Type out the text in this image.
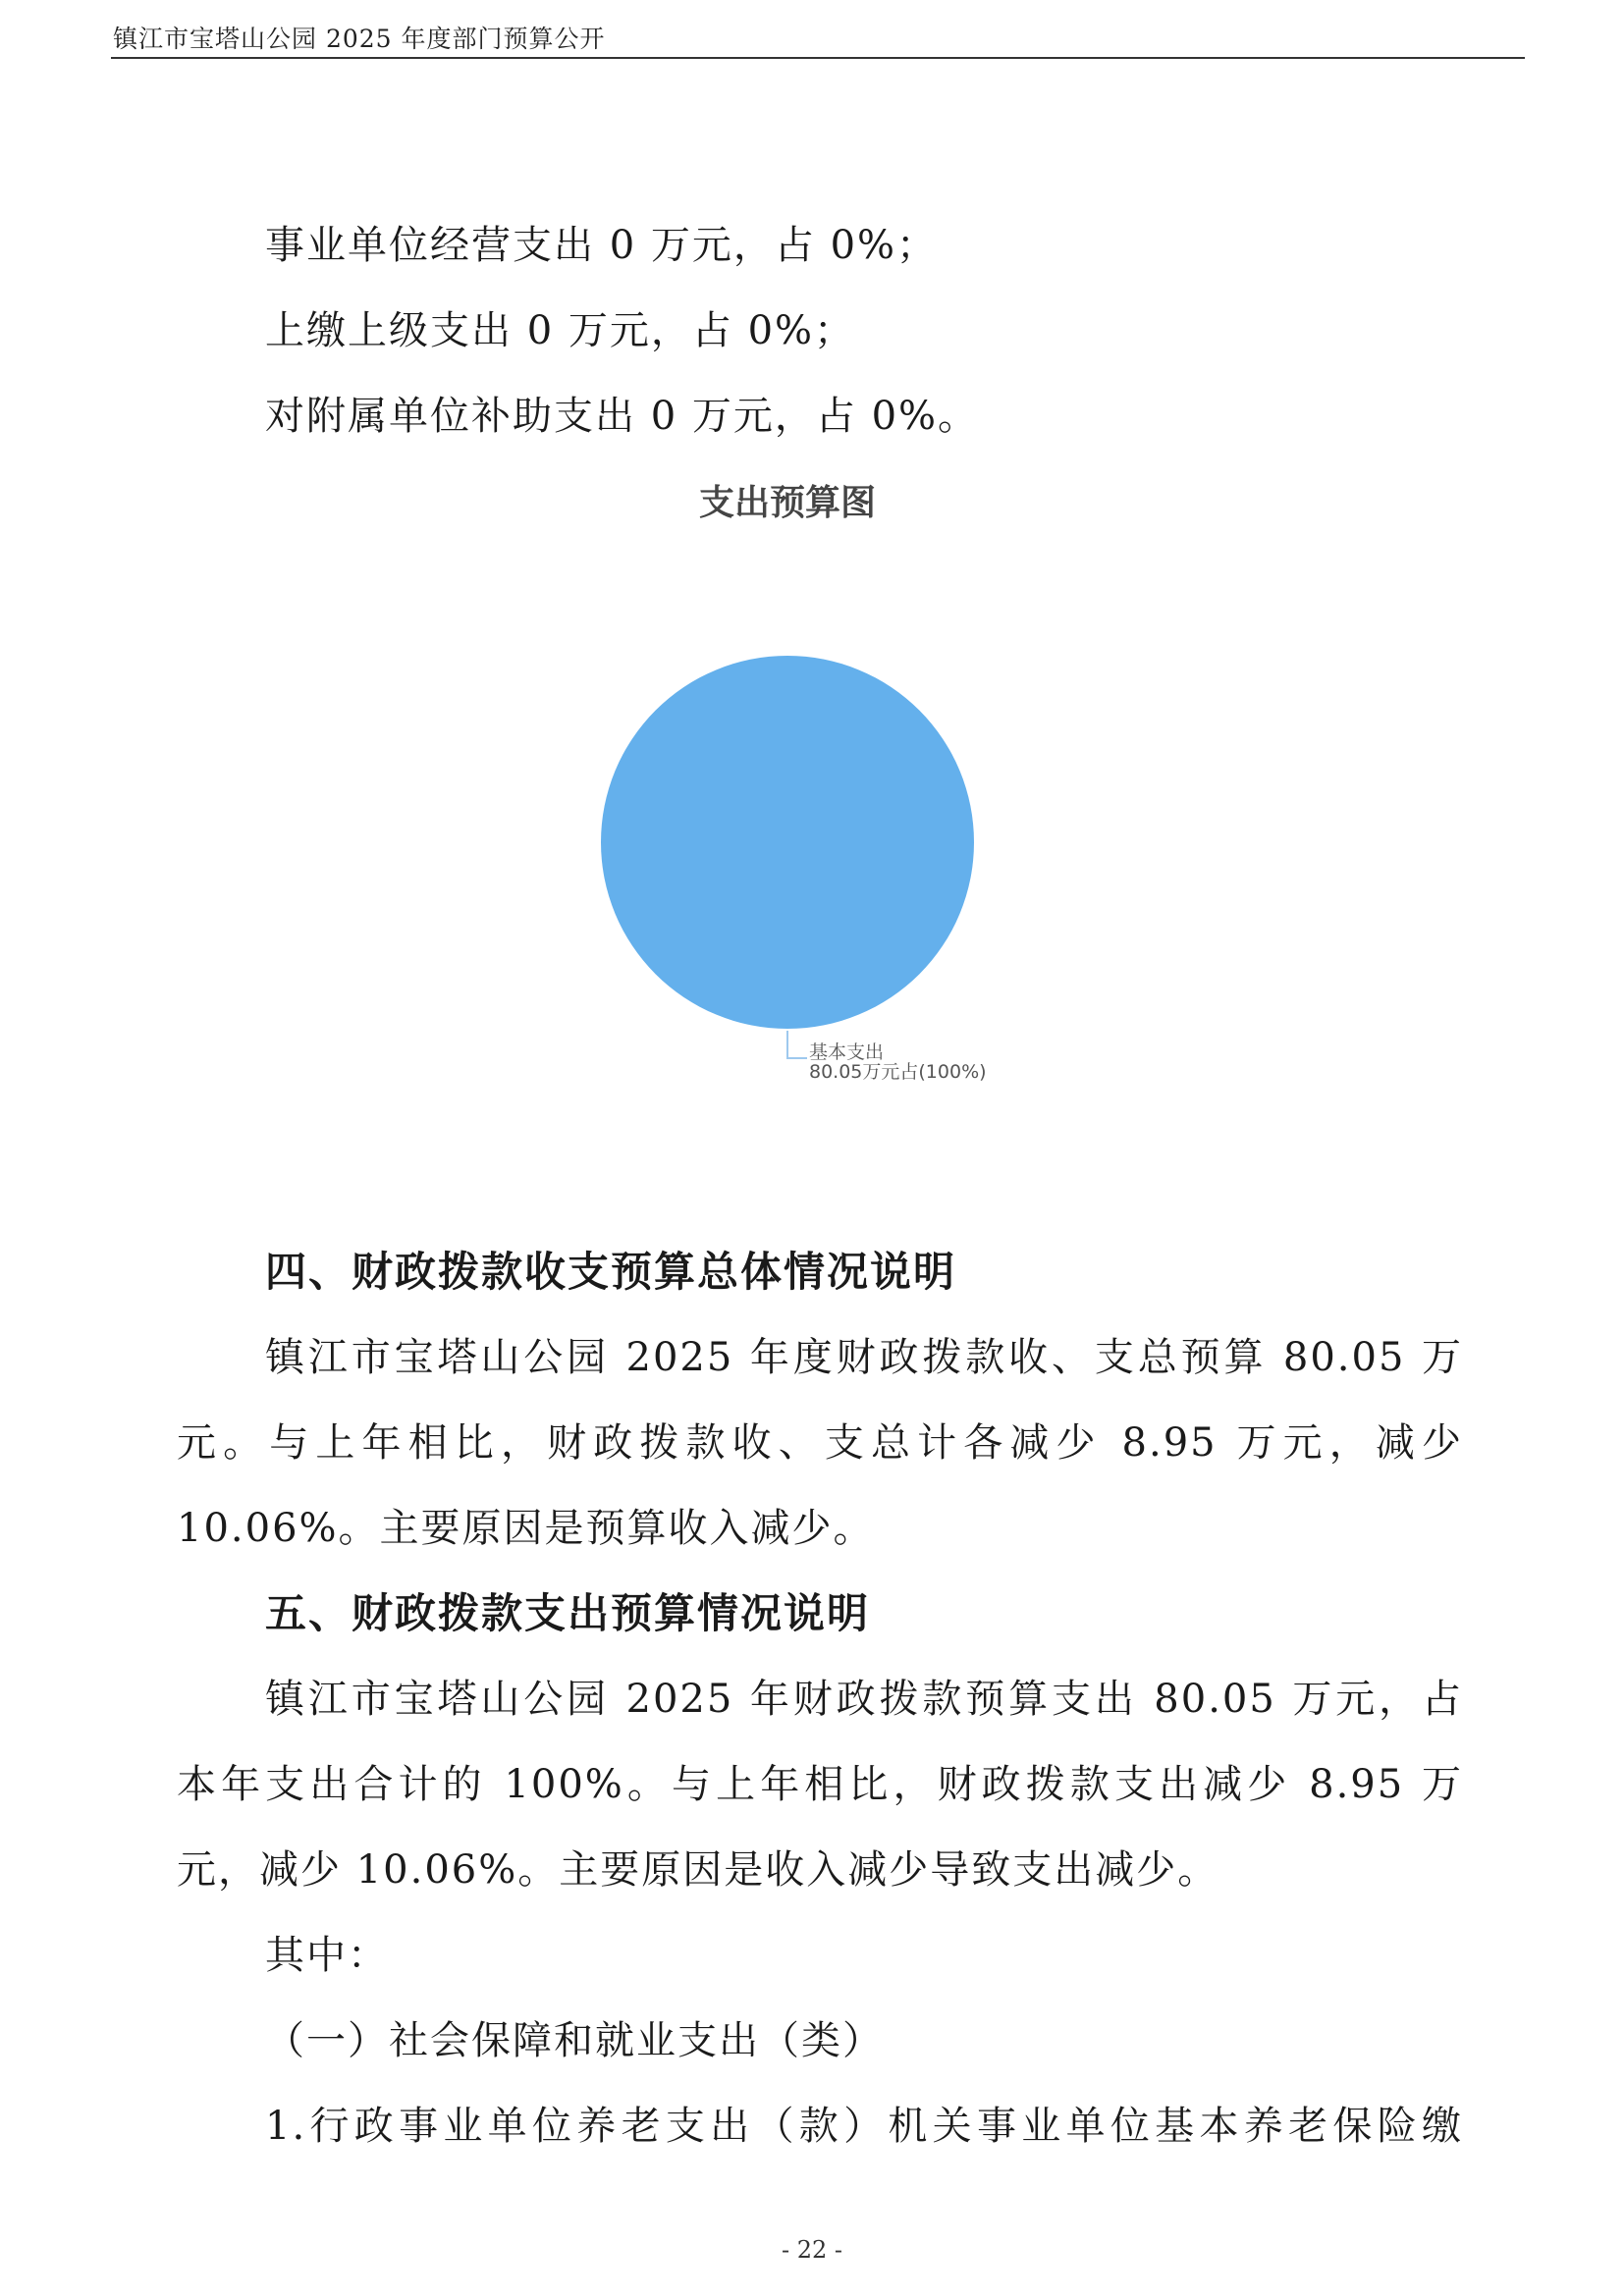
镇江市宝塔山公园 2025 年度部门预算公开
事业单位经营支出 0 万元，占 0%；
上缴上级支出 0 万元，占 0%；
对附属单位补助支出 0 万元，占 0%。
支出预算图
基本支出
80.05万元占(100%)
四、财政拨款收支预算总体情况说明
镇江市宝塔山公园 2025 年度财政拨款收、支总预算 80.05 万
元。与上年相比，财政拨款收、支总计各减少 8.95 万元，减少
10.06%。主要原因是预算收入减少。
五、财政拨款支出预算情况说明
镇江市宝塔山公园 2025 年财政拨款预算支出 80.05 万元，占
本年支出合计的 100%。与上年相比，财政拨款支出减少 8.95 万
元，减少 10.06%。主要原因是收入减少导致支出减少。
其中：
（一）社会保障和就业支出（类）
1.行政事业单位养老支出（款）机关事业单位基本养老保险缴
- 22 -
